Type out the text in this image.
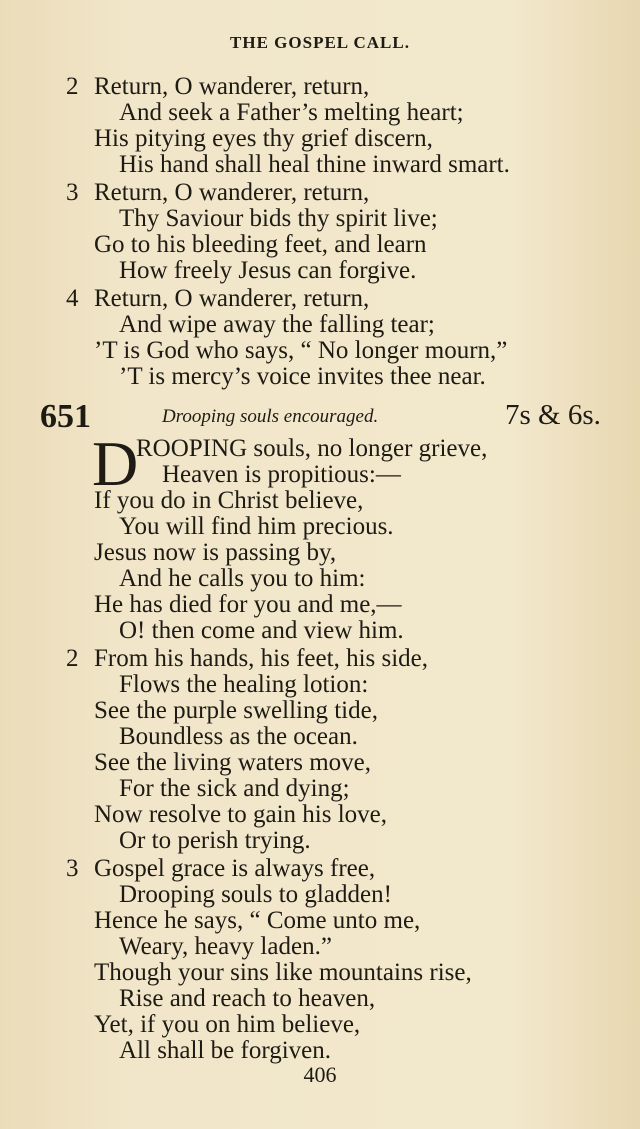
THE GOSPEL CALL.
2 Return, O wanderer, return,
And seek a Father’s melting heart;
His pitying eyes thy grief discern,
His hand shall heal thine inward smart.
3 Return, O wanderer, return,
Thy Saviour bids thy spirit live;
Go to his bleeding feet, and learn
How freely Jesus can forgive.
4 Return, O wanderer, return,
And wipe away the falling tear;
’T is God who says, “ No longer mourn,”
’T is mercy’s voice invites thee near.
651	Drooping souls encouraged.	7s & 6s.
D
ROOPING souls, no longer grieve,
Heaven is propitious:—
If you do in Christ believe,
You will find him precious.
Jesus now is passing by,
And he calls you to him:
He has died for you and me,—
O! then come and view him.
2 From his hands, his feet, his side,
Flows the healing lotion:
See the purple swelling tide,
Boundless as the ocean.
See the living waters move,
For the sick and dying;
Now resolve to gain his love,
Or to perish trying.
3 Gospel grace is always free,
Drooping souls to gladden!
Hence he says, “ Come unto me,
Weary, heavy laden.”
Though your sins like mountains rise,
Rise and reach to heaven,
Yet, if you on him believe,
All shall be forgiven.
406
